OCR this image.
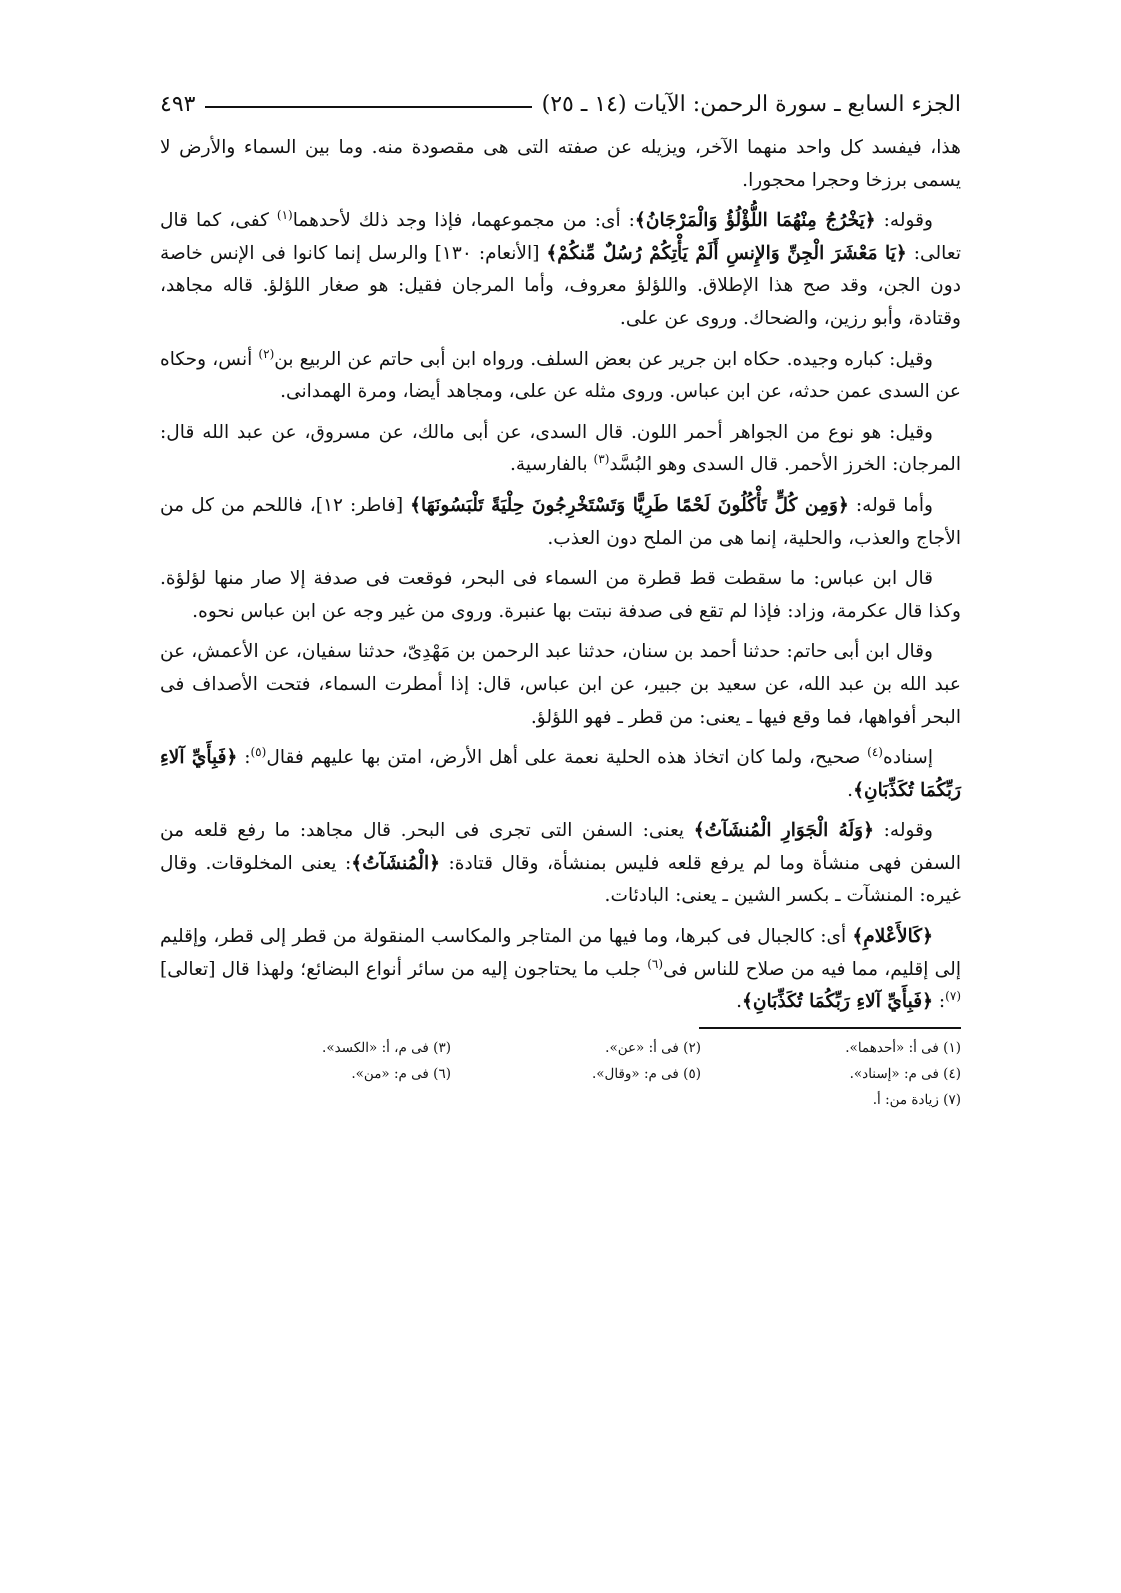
الجزء السابع ـ سورة الرحمن: الآيات (١٤ ـ ٢٥)
٤٩٣

هذا، فيفسد كل واحد منهما الآخر، ويزيله عن صفته التى هى مقصودة منه. وما بين السماء والأرض لا يسمى برزخا وحجرا محجورا.

وقوله: ﴿يَخْرُجُ مِنْهُمَا اللُّؤْلُؤُ وَالْمَرْجَانُ﴾: أى: من مجموعهما، فإذا وجد ذلك لأحدهما$^{(١)}$ كفى، كما قال تعالى: ﴿يَا مَعْشَرَ الْجِنِّ وَالإِنسِ أَلَمْ يَأْتِكُمْ رُسُلٌ مِّنكُمْ﴾ [الأنعام: ١٣٠] والرسل إنما كانوا فى الإنس خاصة دون الجن، وقد صح هذا الإطلاق. واللؤلؤ معروف، وأما المرجان فقيل: هو صغار اللؤلؤ. قاله مجاهد، وقتادة، وأبو رزين، والضحاك. وروى عن على.

وقيل: كباره وجيده. حكاه ابن جرير عن بعض السلف. ورواه ابن أبى حاتم عن الربيع بن$^{(٢)}$ أنس، وحكاه عن السدى عمن حدثه، عن ابن عباس. وروى مثله عن على، ومجاهد أيضا، ومرة الهمدانى.

وقيل: هو نوع من الجواهر أحمر اللون. قال السدى، عن أبى مالك، عن مسروق، عن عبد الله قال: المرجان: الخرز الأحمر. قال السدى وهو البُسَّد$^{(٣)}$ بالفارسية.

وأما قوله: ﴿وَمِن كُلٍّ تَأْكُلُونَ لَحْمًا طَرِيًّا وَتَسْتَخْرِجُونَ حِلْيَةً تَلْبَسُونَهَا﴾ [فاطر: ١٢]، فاللحم من كل من الأجاج والعذب، والحلية، إنما هى من الملح دون العذب.

قال ابن عباس: ما سقطت قط قطرة من السماء فى البحر، فوقعت فى صدفة إلا صار منها لؤلؤة. وكذا قال عكرمة، وزاد: فإذا لم تقع فى صدفة نبتت بها عنبرة. وروى من غير وجه عن ابن عباس نحوه.

وقال ابن أبى حاتم: حدثنا أحمد بن سنان، حدثنا عبد الرحمن بن مَهْدِىّ، حدثنا سفيان، عن الأعمش، عن عبد الله بن عبد الله، عن سعيد بن جبير، عن ابن عباس، قال: إذا أمطرت السماء، فتحت الأصداف فى البحر أفواهها، فما وقع فيها ـ يعنى: من قطر ـ فهو اللؤلؤ.

إسناده$^{(٤)}$ صحيح، ولما كان اتخاذ هذه الحلية نعمة على أهل الأرض، امتن بها عليهم فقال$^{(٥)}$: ﴿فَبِأَيِّ آلاءِ رَبِّكُمَا تُكَذِّبَانِ﴾.

وقوله: ﴿وَلَهُ الْجَوَارِ الْمُنشَآتُ﴾ يعنى: السفن التى تجرى فى البحر. قال مجاهد: ما رفع قلعه من السفن فهى منشأة وما لم يرفع قلعه فليس بمنشأة، وقال قتادة: ﴿الْمُنشَآتُ﴾: يعنى المخلوقات. وقال غيره: المنشآت ـ بكسر الشين ـ يعنى: البادئات.

﴿كَالأَعْلامِ﴾ أى: كالجبال فى كبرها، وما فيها من المتاجر والمكاسب المنقولة من قطر إلى قطر، وإقليم إلى إقليم، مما فيه من صلاح للناس فى$^{(٦)}$ جلب ما يحتاجون إليه من سائر أنواع البضائع؛ ولهذا قال [تعالى]$^{(٧)}$: ﴿فَبِأَيِّ آلاءِ رَبِّكُمَا تُكَذِّبَانِ﴾.

(١) فى أ: «أحدهما».
(٢) فى أ: «عن».
(٣) فى م، أ: «الكسد».
(٤) فى م: «إسناد».
(٥) فى م: «وقال».
(٦) فى م: «من».
(٧) زيادة من: أ.
